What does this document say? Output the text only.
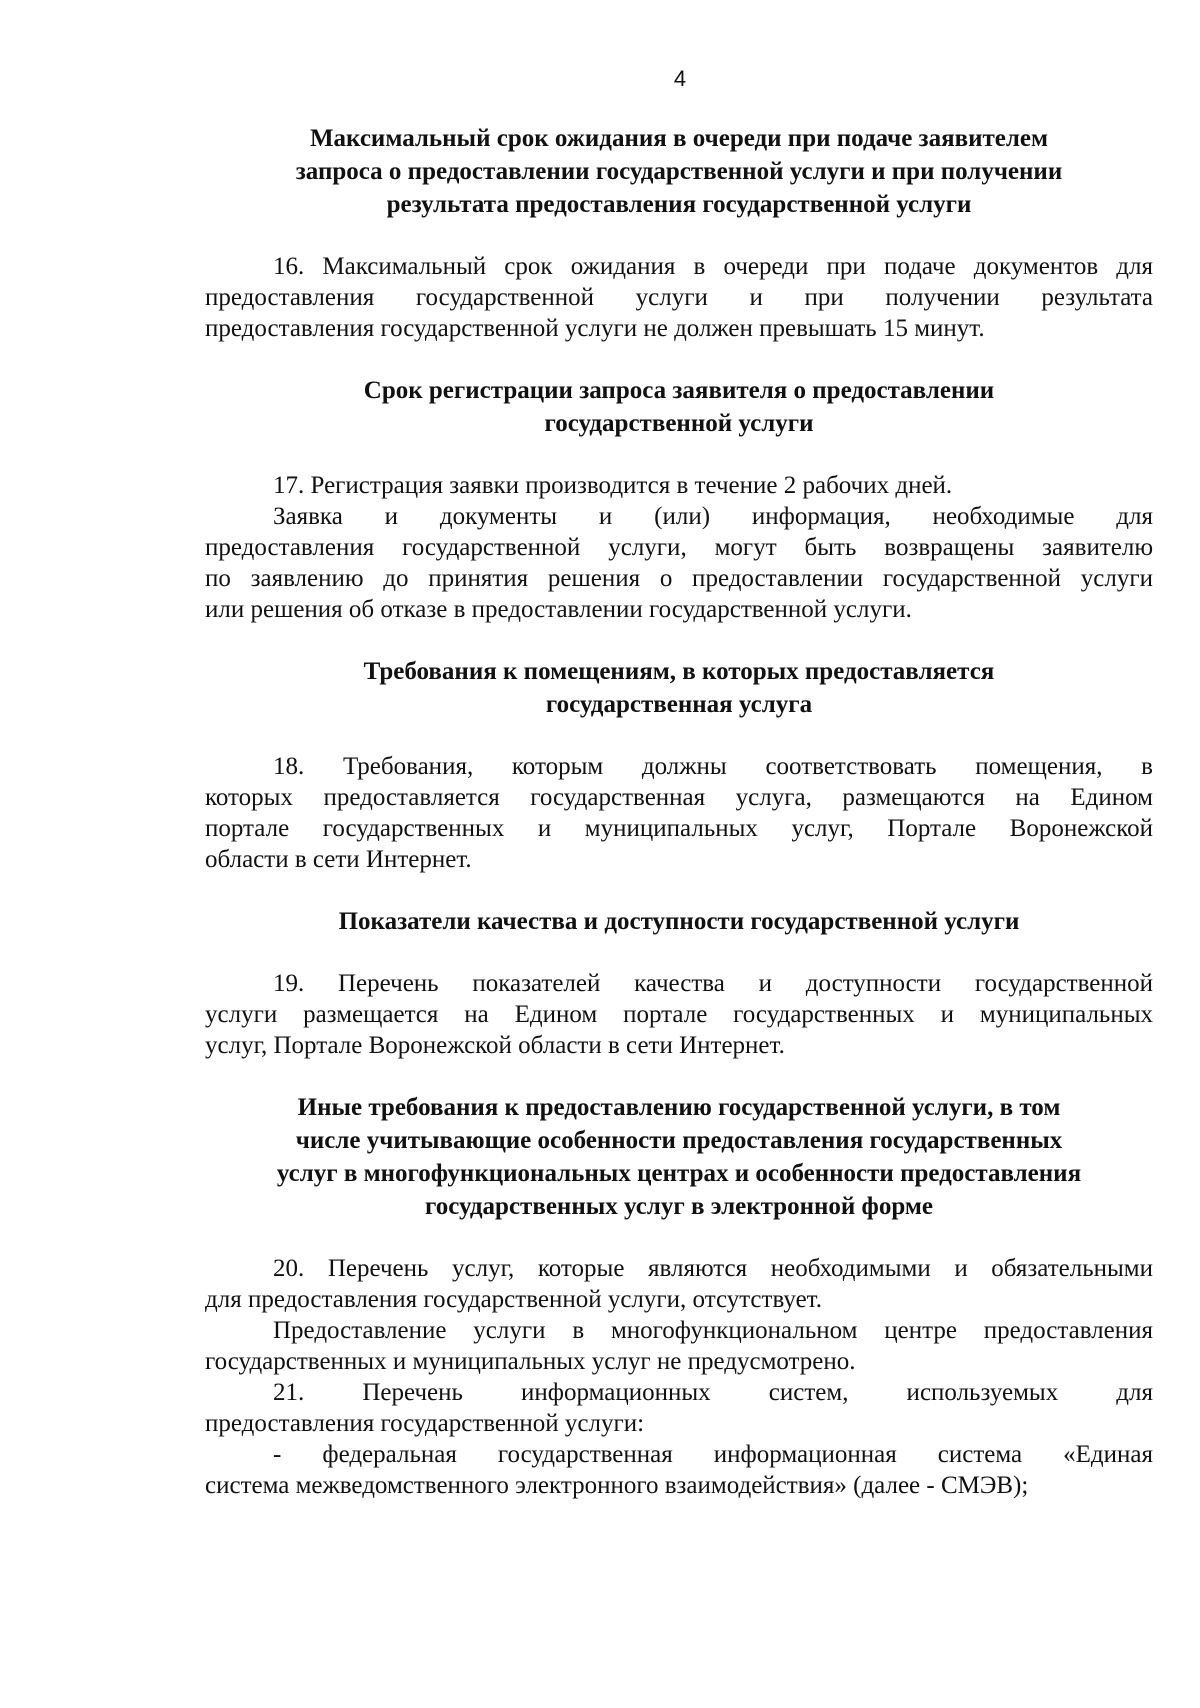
4
Максимальный срок ожидания в очереди при подаче заявителем
запроса о предоставлении государственной услуги и при получении
результата предоставления государственной услуги

16. Максимальный срок ожидания в очереди при подаче документов для
предоставления государственной услуги и при получении результата
предоставления государственной услуги не должен превышать 15 минут.

Срок регистрации запроса заявителя о предоставлении
государственной услуги

17. Регистрация заявки производится в течение 2 рабочих дней.

Заявка и документы и (или) информация, необходимые для
предоставления государственной услуги, могут быть возвращены заявителю
по заявлению до принятия решения о предоставлении государственной услуги
или решения об отказе в предоставлении государственной услуги.

Требования к помещениям, в которых предоставляется
государственная услуга

18. Требования, которым должны соответствовать помещения, в
которых предоставляется государственная услуга, размещаются на Едином
портале государственных и муниципальных услуг, Портале Воронежской
области в сети Интернет.

Показатели качества и доступности государственной услуги

19. Перечень показателей качества и доступности государственной
услуги размещается на Едином портале государственных и муниципальных
услуг, Портале Воронежской области в сети Интернет.

Иные требования к предоставлению государственной услуги, в том
числе учитывающие особенности предоставления государственных
услуг в многофункциональных центрах и особенности предоставления
государственных услуг в электронной форме

20. Перечень услуг, которые являются необходимыми и обязательными
для предоставления государственной услуги, отсутствует.

Предоставление услуги в многофункциональном центре предоставления
государственных и муниципальных услуг не предусмотрено.

21. Перечень информационных систем, используемых для
предоставления государственной услуги:

- федеральная государственная информационная система «Единая
система межведомственного электронного взаимодействия» (далее - СМЭВ);
